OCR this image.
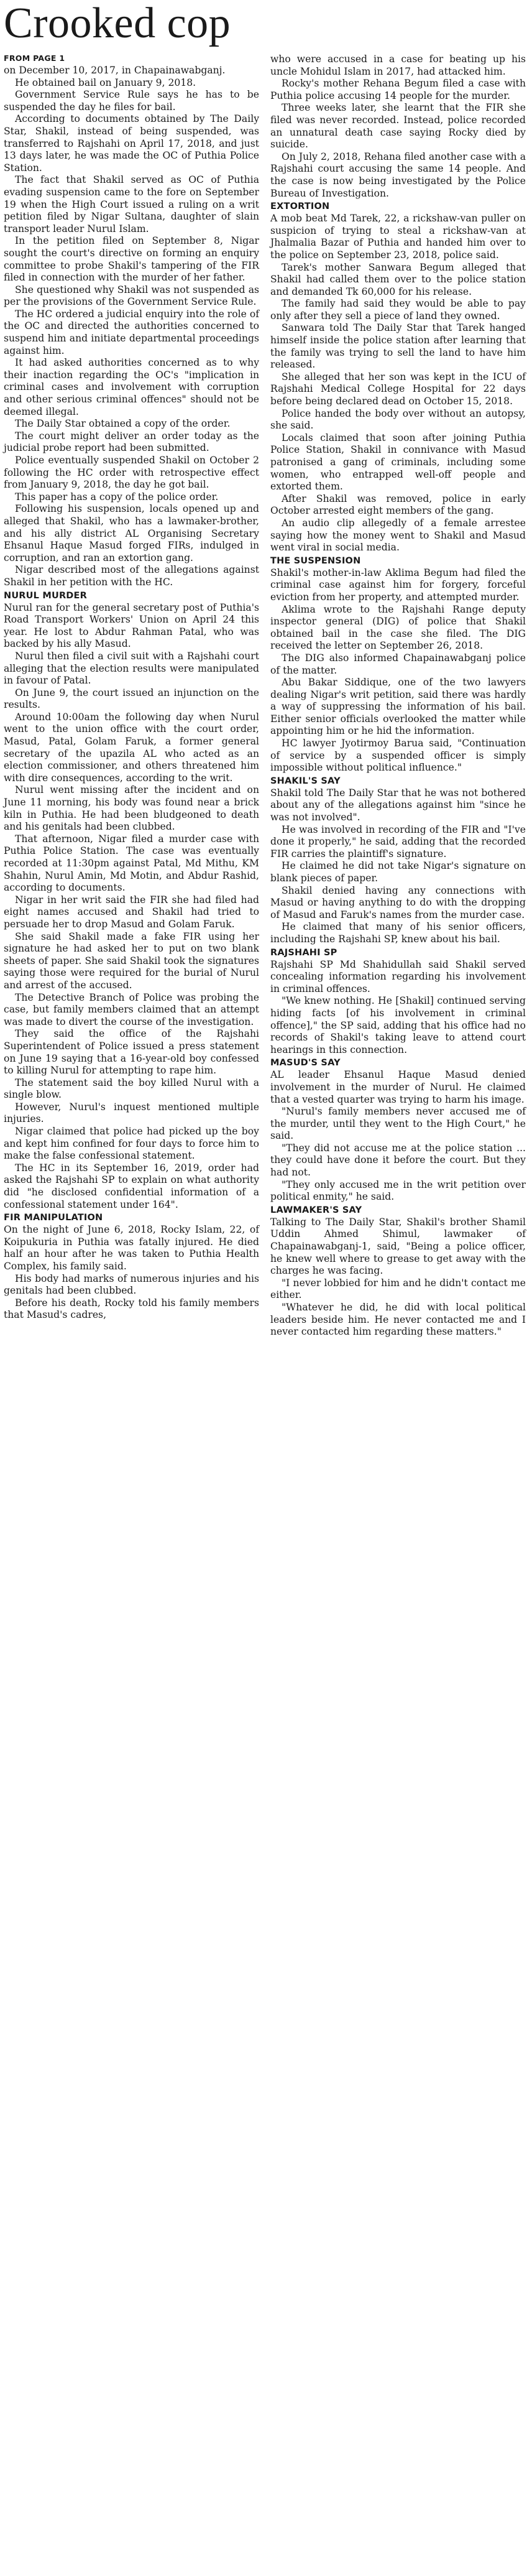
Crooked cop
FROM PAGE 1

on December 10, 2017, in Chapainawabganj.

He obtained bail on January 9, 2018.

Government Service Rule says he has to be suspended the day he files for bail.

According to documents obtained by The Daily Star, Shakil, instead of being suspended, was transferred to Rajshahi on April 17, 2018, and just 13 days later, he was made the OC of Puthia Police Station.

The fact that Shakil served as OC of Puthia evading suspension came to the fore on September 19 when the High Court issued a ruling on a writ petition filed by Nigar Sultana, daughter of slain transport leader Nurul Islam.

In the petition filed on September 8, Nigar sought the court's directive on forming an enquiry committee to probe Shakil's tampering of the FIR filed in connection with the murder of her father.

She questioned why Shakil was not suspended as per the provisions of the Government Service Rule.

The HC ordered a judicial enquiry into the role of the OC and directed the authorities concerned to suspend him and initiate departmental proceedings against him.

It had asked authorities concerned as to why their inaction regarding the OC's "implication in criminal cases and involvement with corruption and other serious criminal offences" should not be deemed illegal.

The Daily Star obtained a copy of the order.

The court might deliver an order today as the judicial probe report had been submitted.

Police eventually suspended Shakil on October 2 following the HC order with retrospective effect from January 9, 2018, the day he got bail.

This paper has a copy of the police order.

Following his suspension, locals opened up and alleged that Shakil, who has a lawmaker-brother, and his ally district AL Organising Secretary Ehsanul Haque Masud forged FIRs, indulged in corruption, and ran an extortion gang.

Nigar described most of the allegations against Shakil in her petition with the HC.

NURUL MURDER

Nurul ran for the general secretary post of Puthia's Road Transport Workers' Union on April 24 this year. He lost to Abdur Rahman Patal, who was backed by his ally Masud.

Nurul then filed a civil suit with a Rajshahi court alleging that the election results were manipulated in favour of Patal.

On June 9, the court issued an injunction on the results.

Around 10:00am the following day when Nurul went to the union office with the court order, Masud, Patal, Golam Faruk, a former general secretary of the upazila AL who acted as an election commissioner, and others threatened him with dire consequences, according to the writ.

Nurul went missing after the incident and on June 11 morning, his body was found near a brick kiln in Puthia. He had been bludgeoned to death and his genitals had been clubbed.

That afternoon, Nigar filed a murder case with Puthia Police Station. The case was eventually recorded at 11:30pm against Patal, Md Mithu, KM Shahin, Nurul Amin, Md Motin, and Abdur Rashid, according to documents.

Nigar in her writ said the FIR she had filed had eight names accused and Shakil had tried to persuade her to drop Masud and Golam Faruk.

She said Shakil made a fake FIR using her signature he had asked her to put on two blank sheets of paper. She said Shakil took the signatures saying those were required for the burial of Nurul and arrest of the accused.

The Detective Branch of Police was probing the case, but family members claimed that an attempt was made to divert the course of the investigation.

They said the office of the Rajshahi Superintendent of Police issued a press statement on June 19 saying that a 16-year-old boy confessed to killing Nurul for attempting to rape him.

The statement said the boy killed Nurul with a single blow.

However, Nurul's inquest mentioned multiple injuries.

Nigar claimed that police had picked up the boy and kept him confined for four days to force him to make the false confessional statement.

The HC in its September 16, 2019, order had asked the Rajshahi SP to explain on what authority did "he disclosed confidential information of a confessional statement under 164".

FIR MANIPULATION

On the night of June 6, 2018, Rocky Islam, 22, of Koipukuria in Puthia was fatally injured. He died half an hour after he was taken to Puthia Health Complex, his family said.

His body had marks of numerous injuries and his genitals had been clubbed.

Before his death, Rocky told his family members that Masud's cadres,

who were accused in a case for beating up his uncle Mohidul Islam in 2017, had attacked him.

Rocky's mother Rehana Begum filed a case with Puthia police accusing 14 people for the murder.

Three weeks later, she learnt that the FIR she filed was never recorded. Instead, police recorded an unnatural death case saying Rocky died by suicide.

On July 2, 2018, Rehana filed another case with a Rajshahi court accusing the same 14 people. And the case is now being investigated by the Police Bureau of Investigation.

EXTORTION

A mob beat Md Tarek, 22, a rickshaw-van puller on suspicion of trying to steal a rickshaw-van at Jhalmalia Bazar of Puthia and handed him over to the police on September 23, 2018, police said.

Tarek's mother Sanwara Begum alleged that Shakil had called them over to the police station and demanded Tk 60,000 for his release.

The family had said they would be able to pay only after they sell a piece of land they owned.

Sanwara told The Daily Star that Tarek hanged himself inside the police station after learning that the family was trying to sell the land to have him released.

She alleged that her son was kept in the ICU of Rajshahi Medical College Hospital for 22 days before being declared dead on October 15, 2018.

Police handed the body over without an autopsy, she said.

Locals claimed that soon after joining Puthia Police Station, Shakil in connivance with Masud patronised a gang of criminals, including some women, who entrapped well-off people and extorted them.

After Shakil was removed, police in early October arrested eight members of the gang.

An audio clip allegedly of a female arrestee saying how the money went to Shakil and Masud went viral in social media.

THE SUSPENSION

Shakil's mother-in-law Aklima Begum had filed the criminal case against him for forgery, forceful eviction from her property, and attempted murder.

Aklima wrote to the Rajshahi Range deputy inspector general (DIG) of police that Shakil obtained bail in the case she filed. The DIG received the letter on September 26, 2018.

The DIG also informed Chapainawabganj police of the matter.

Abu Bakar Siddique, one of the two lawyers dealing Nigar's writ petition, said there was hardly a way of suppressing the information of his bail. Either senior officials overlooked the matter while appointing him or he hid the information.

HC lawyer Jyotirmoy Barua said, "Continuation of service by a suspended officer is simply impossible without political influence."

SHAKIL'S SAY

Shakil told The Daily Star that he was not bothered about any of the allegations against him "since he was not involved".

He was involved in recording of the FIR and "I've done it properly," he said, adding that the recorded FIR carries the plaintiff's signature.

He claimed he did not take Nigar's signature on blank pieces of paper.

Shakil denied having any connections with Masud or having anything to do with the dropping of Masud and Faruk's names from the murder case.

He claimed that many of his senior officers, including the Rajshahi SP, knew about his bail.

RAJSHAHI SP

Rajshahi SP Md Shahidullah said Shakil served concealing information regarding his involvement in criminal offences.

"We knew nothing. He [Shakil] continued serving hiding facts [of his involvement in criminal offence]," the SP said, adding that his office had no records of Shakil's taking leave to attend court hearings in this connection.

MASUD'S SAY

AL leader Ehsanul Haque Masud denied involvement in the murder of Nurul. He claimed that a vested quarter was trying to harm his image.

"Nurul's family members never accused me of the murder, until they went to the High Court," he said.

"They did not accuse me at the police station ... they could have done it before the court. But they had not.

"They only accused me in the writ petition over political enmity," he said.

LAWMAKER'S SAY

Talking to The Daily Star, Shakil's brother Shamil Uddin Ahmed Shimul, lawmaker of Chapainawabganj-1, said, "Being a police officer, he knew well where to grease to get away with the charges he was facing.

"I never lobbied for him and he didn't contact me either.

"Whatever he did, he did with local political leaders beside him. He never contacted me and I never contacted him regarding these matters."
